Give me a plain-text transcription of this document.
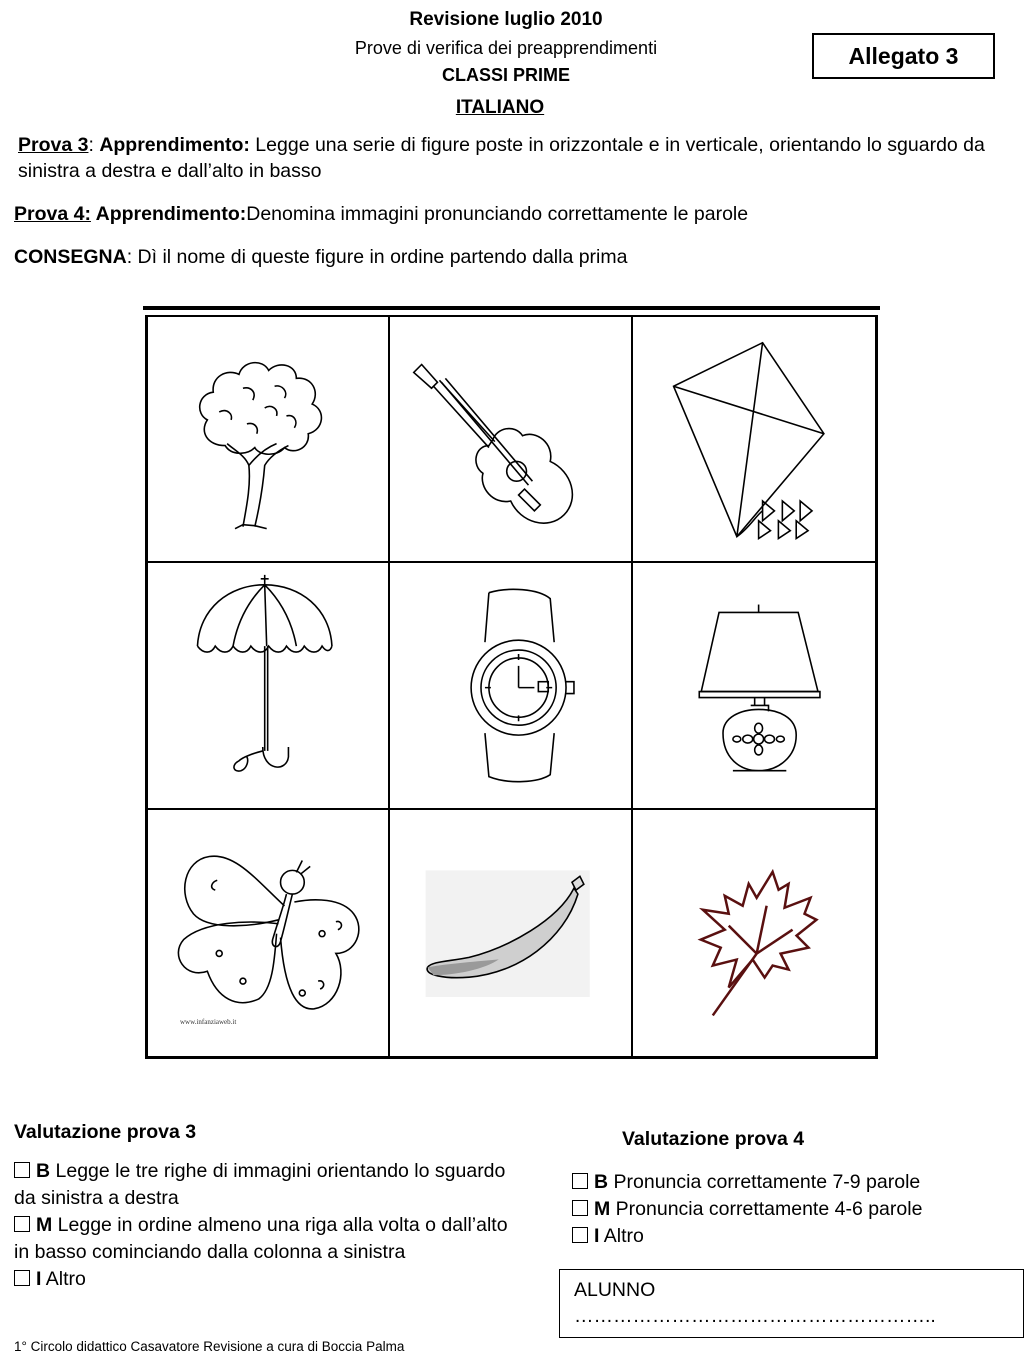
Revisione luglio 2010
Prove di verifica dei preapprendimenti
CLASSI PRIME
ITALIANO
Allegato 3
Prova 3: Apprendimento: Legge una serie di figure poste in orizzontale e in verticale, orientando lo sguardo da sinistra a destra e dall’alto in basso
Prova 4: Apprendimento:Denomina immagini pronunciando correttamente le parole
CONSEGNA: Dì il nome di queste figure in ordine partendo dalla prima
www.infanziaweb.it
Valutazione prova 3
B Legge le tre righe di immagini orientando lo sguardo da sinistra a destra
M Legge in ordine almeno una riga alla volta o dall’alto in basso cominciando dalla colonna a sinistra
I Altro
Valutazione prova 4
B Pronuncia correttamente 7-9 parole
M Pronuncia correttamente 4-6 parole
I Altro
ALUNNO
………………………………………………..
1° Circolo didattico Casavatore Revisione a cura di Boccia Palma
